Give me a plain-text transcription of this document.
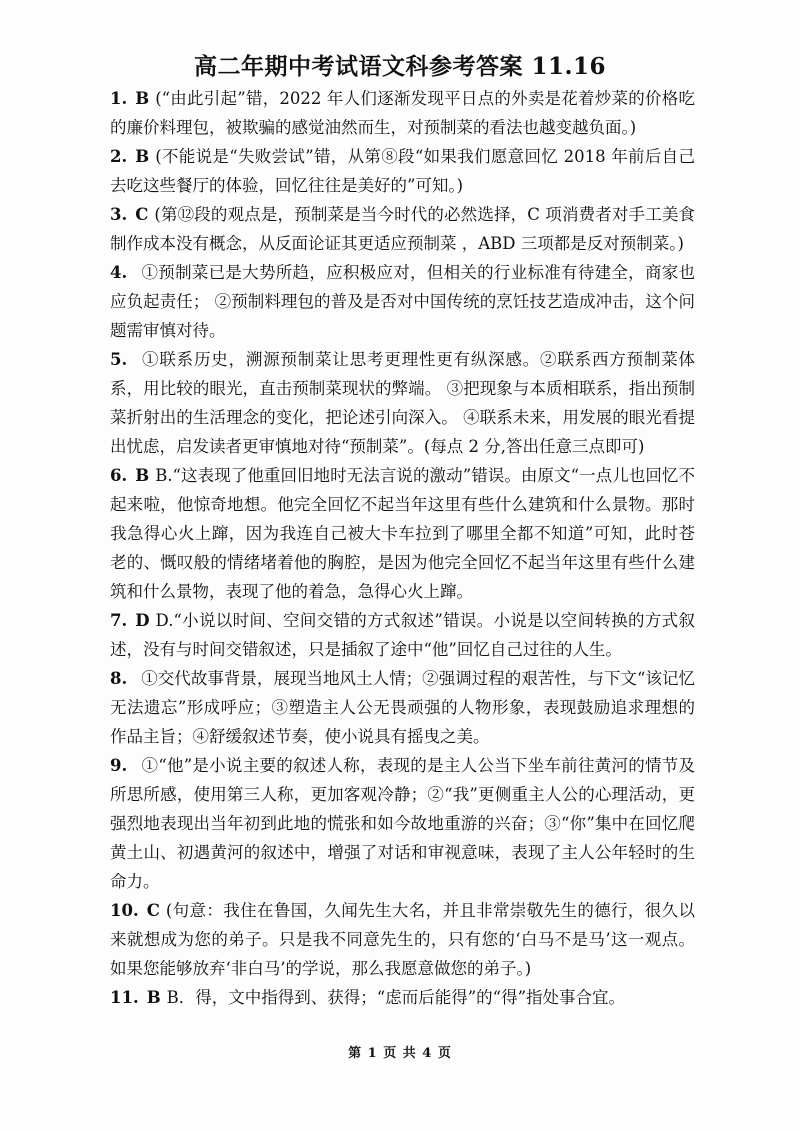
高二年期中考试语文科参考答案 11.16

1. B (“由此引起”错，2022 年人们逐渐发现平日点的外卖是花着炒菜的价格吃的廉价料理包，被欺骗的感觉油然而生，对预制菜的看法也越变越负面。)

2. B (不能说是“失败尝试”错，从第⑧段“如果我们愿意回忆 2018 年前后自己去吃这些餐厅的体验，回忆往往是美好的”可知。)

3. C (第⑫段的观点是，预制菜是当今时代的必然选择，C 项消费者对手工美食制作成本没有概念，从反面论证其更适应预制菜 ，ABD 三项都是反对预制菜。)

4. ①预制菜已是大势所趋，应积极应对，但相关的行业标准有待建全，商家也应负起责任； ②预制料理包的普及是否对中国传统的烹饪技艺造成冲击，这个问题需审慎对待。

5. ①联系历史，溯源预制菜让思考更理性更有纵深感。②联系西方预制菜体系，用比较的眼光，直击预制菜现状的弊端。 ③把现象与本质相联系，指出预制菜折射出的生活理念的变化，把论述引向深入。 ④联系未来，用发展的眼光看提出忧虑，启发读者更审慎地对待“预制菜”。(每点 2 分,答出任意三点即可)

6. B B.“这表现了他重回旧地时无法言说的激动”错误。由原文“一点儿也回忆不起来啦，他惊奇地想。他完全回忆不起当年这里有些什么建筑和什么景物。那时我急得心火上蹿，因为我连自己被大卡车拉到了哪里全都不知道”可知，此时苍老的、慨叹般的情绪堵着他的胸腔，是因为他完全回忆不起当年这里有些什么建筑和什么景物，表现了他的着急，急得心火上蹿。

7. D D.“小说以时间、空间交错的方式叙述”错误。小说是以空间转换的方式叙述，没有与时间交错叙述，只是插叙了途中“他”回忆自己过往的人生。

8. ①交代故事背景，展现当地风土人情；②强调过程的艰苦性，与下文“该记忆无法遗忘”形成呼应；③塑造主人公无畏顽强的人物形象，表现鼓励追求理想的作品主旨；④舒缓叙述节奏，使小说具有摇曳之美。

9. ①“他”是小说主要的叙述人称，表现的是主人公当下坐车前往黄河的情节及所思所感，使用第三人称，更加客观冷静；②“我”更侧重主人公的心理活动，更强烈地表现出当年初到此地的慌张和如今故地重游的兴奋；③“你”集中在回忆爬黄土山、初遇黄河的叙述中，增强了对话和审视意味，表现了主人公年轻时的生命力。

10. C (句意：我住在鲁国，久闻先生大名，并且非常崇敬先生的德行，很久以来就想成为您的弟子。只是我不同意先生的，只有您的‘白马不是马’这一观点。如果您能够放弃‘非白马’的学说，那么我愿意做您的弟子。)

11. B B．得，文中指得到、获得；“虑而后能得”的“得”指处事合宜。

第 1 页 共 4 页
